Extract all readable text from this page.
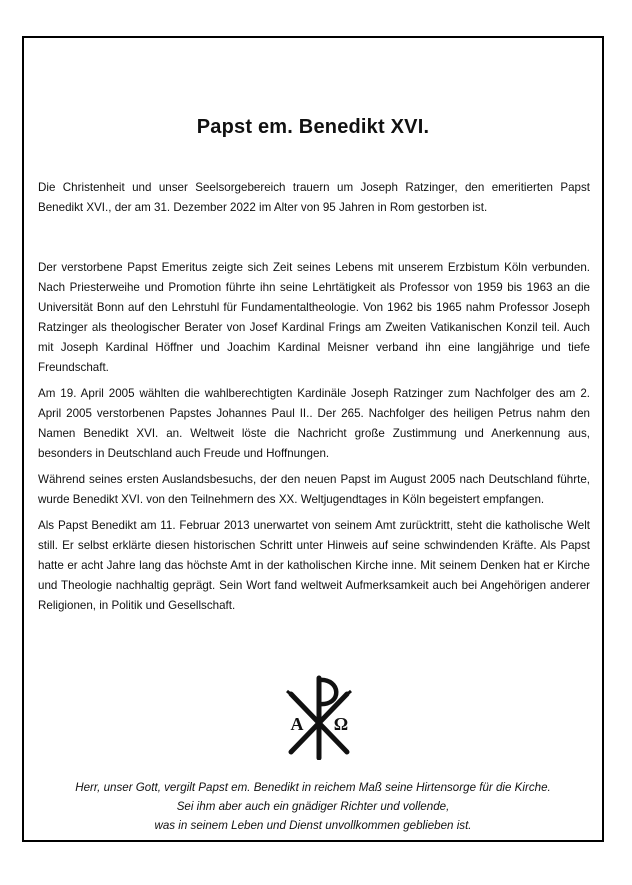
Papst em. Benedikt XVI.

Die Christenheit und unser Seelsorgebereich trauern um Joseph Ratzinger, den emeritierten Papst Benedikt XVI., der am 31. Dezember 2022 im Alter von 95 Jahren in Rom gestorben ist.

Der verstorbene Papst Emeritus zeigte sich Zeit seines Lebens mit unserem Erzbistum Köln verbunden. Nach Priesterweihe und Promotion führte ihn seine Lehrtätigkeit als Professor von 1959 bis 1963 an die Universität Bonn auf den Lehrstuhl für Fundamentaltheologie. Von 1962 bis 1965 nahm Professor Joseph Ratzinger als theologischer Berater von Josef Kardinal Frings am Zweiten Vatikanischen Konzil teil. Auch mit Joseph Kardinal Höffner und Joachim Kardinal Meisner verband ihn eine langjährige und tiefe Freundschaft.

Am 19. April 2005 wählten die wahlberechtigten Kardinäle Joseph Ratzinger zum Nachfolger des am 2. April 2005 verstorbenen Papstes Johannes Paul II.. Der 265. Nachfolger des heiligen Petrus nahm den Namen Benedikt XVI. an. Weltweit löste die Nachricht große Zustimmung und Anerkennung aus, besonders in Deutschland auch Freude und Hoffnungen.

Während seines ersten Auslandsbesuchs, der den neuen Papst im August 2005 nach Deutschland führte, wurde Benedikt XVI. von den Teilnehmern des XX. Weltjugendtages in Köln begeistert empfangen.

Als Papst Benedikt am 11. Februar 2013 unerwartet von seinem Amt zurücktritt, steht die katholische Welt still. Er selbst erklärte diesen historischen Schritt unter Hinweis auf seine schwindenden Kräfte. Als Papst hatte er acht Jahre lang das höchste Amt in der katholischen Kirche inne. Mit seinem Denken hat er Kirche und Theologie nachhaltig geprägt. Sein Wort fand weltweit Aufmerksamkeit auch bei Angehörigen anderer Religionen, in Politik und Gesellschaft.

A Ω
Herr, unser Gott, vergilt Papst em. Benedikt in reichem Maß seine Hirtensorge für die Kirche.
Sei ihm aber auch ein gnädiger Richter und vollende,
was in seinem Leben und Dienst unvollkommen geblieben ist.
